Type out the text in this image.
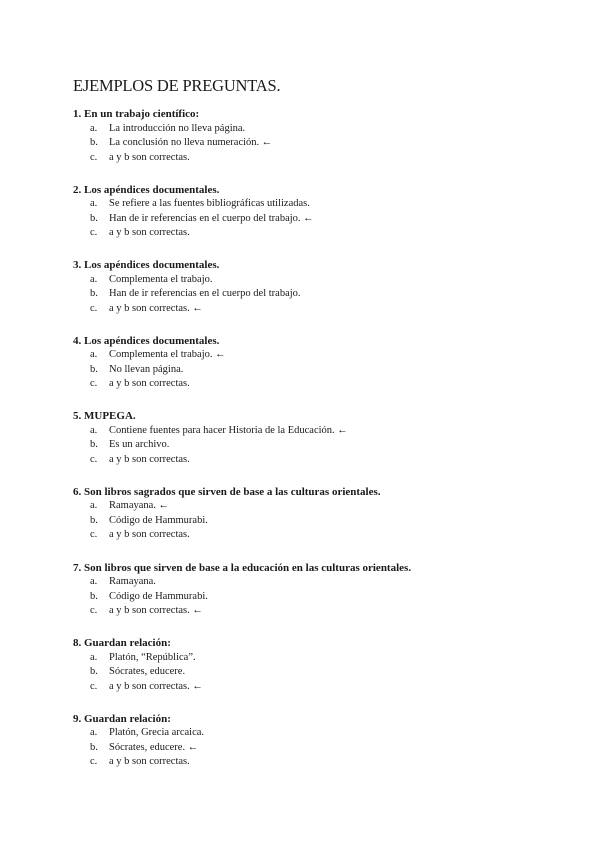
EJEMPLOS DE PREGUNTAS.
1. En un trabajo científico:
a. La introducción no lleva página.
b. La conclusión no lleva numeración. ←
c. a y b son correctas.
2. Los apéndices documentales.
a. Se refiere a las fuentes bibliográficas utilizadas.
b. Han de ir referencias en el cuerpo del trabajo. ←
c. a y b son correctas.
3. Los apéndices documentales.
a. Complementa el trabajo.
b. Han de ir referencias en el cuerpo del trabajo.
c. a y b son correctas. ←
4. Los apéndices documentales.
a. Complementa el trabajo. ←
b. No llevan página.
c. a y b son correctas.
5. MUPEGA.
a. Contiene fuentes para hacer Historia de la Educación. ←
b. Es un archivo.
c. a y b son correctas.
6. Son libros sagrados que sirven de base a las culturas orientales.
a. Ramayana. ←
b. Código de Hammurabi.
c. a y b son correctas.
7. Son libros que sirven de base a la educación en las culturas orientales.
a. Ramayana.
b. Código de Hammurabi.
c. a y b son correctas. ←
8. Guardan relación:
a. Platón, “República”.
b. Sócrates, educere.
c. a y b son correctas. ←
9. Guardan relación:
a. Platón, Grecia arcaica.
b. Sócrates, educere. ←
c. a y b son correctas.
